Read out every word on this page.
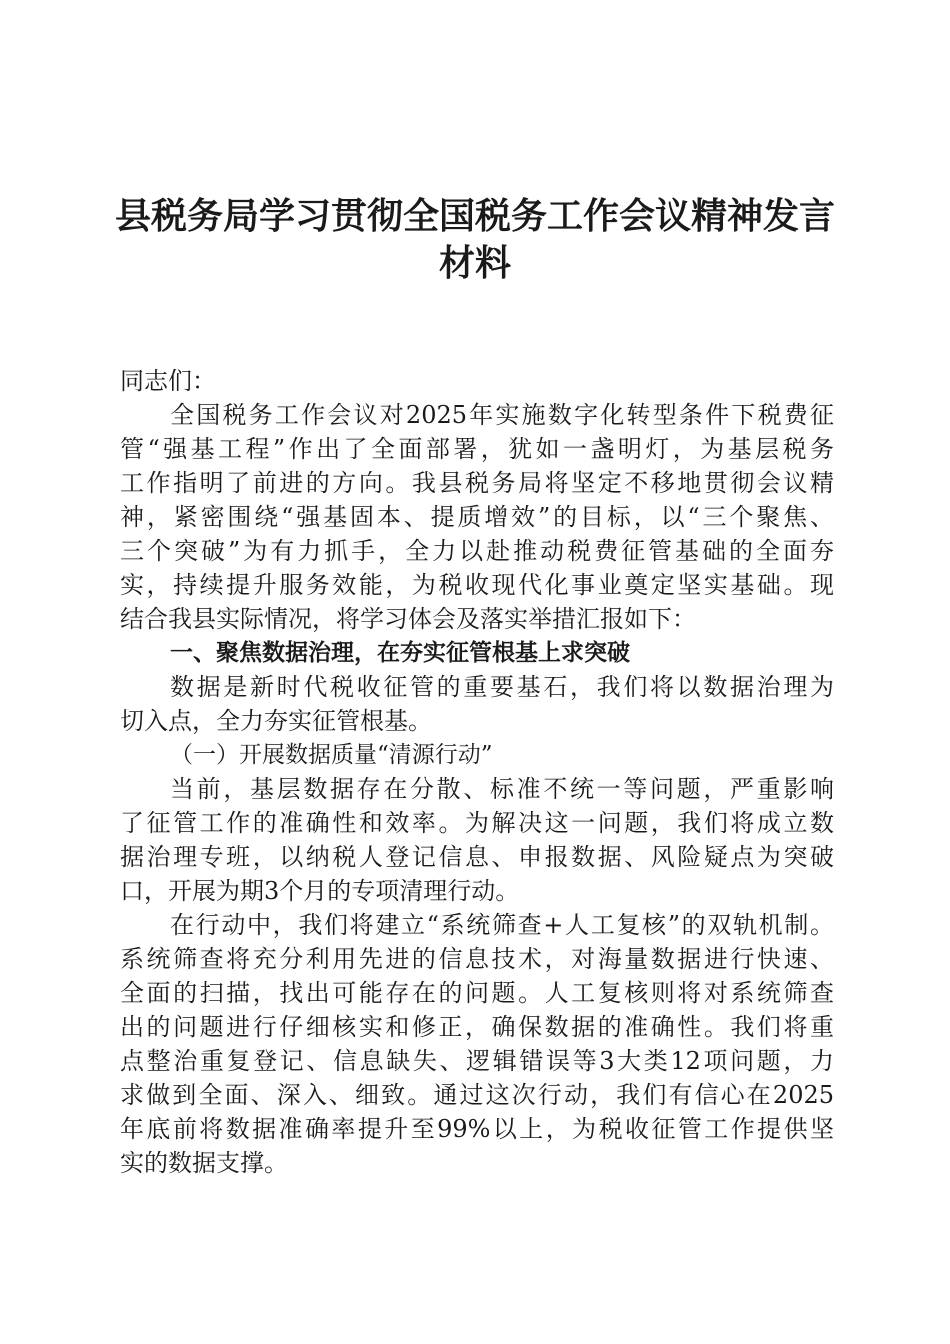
县税务局学习贯彻全国税务工作会议精神发言
材料
同志们：
全国税务工作会议对2025年实施数字化转型条件下税费征
管“强基工程”作出了全面部署，犹如一盏明灯，为基层税务
工作指明了前进的方向。我县税务局将坚定不移地贯彻会议精
神，紧密围绕“强基固本、提质增效”的目标，以“三个聚焦、
三个突破”为有力抓手，全力以赴推动税费征管基础的全面夯
实，持续提升服务效能，为税收现代化事业奠定坚实基础。现
结合我县实际情况，将学习体会及落实举措汇报如下：
一、聚焦数据治理，在夯实征管根基上求突破
数据是新时代税收征管的重要基石，我们将以数据治理为
切入点，全力夯实征管根基。
（一）开展数据质量“清源行动”
当前，基层数据存在分散、标准不统一等问题，严重影响
了征管工作的准确性和效率。为解决这一问题，我们将成立数
据治理专班，以纳税人登记信息、申报数据、风险疑点为突破
口，开展为期3个月的专项清理行动。
在行动中，我们将建立“系统筛查+人工复核”的双轨机制。
系统筛查将充分利用先进的信息技术，对海量数据进行快速、
全面的扫描，找出可能存在的问题。人工复核则将对系统筛查
出的问题进行仔细核实和修正，确保数据的准确性。我们将重
点整治重复登记、信息缺失、逻辑错误等3大类12项问题，力
求做到全面、深入、细致。通过这次行动，我们有信心在2025
年底前将数据准确率提升至99%以上，为税收征管工作提供坚
实的数据支撑。
